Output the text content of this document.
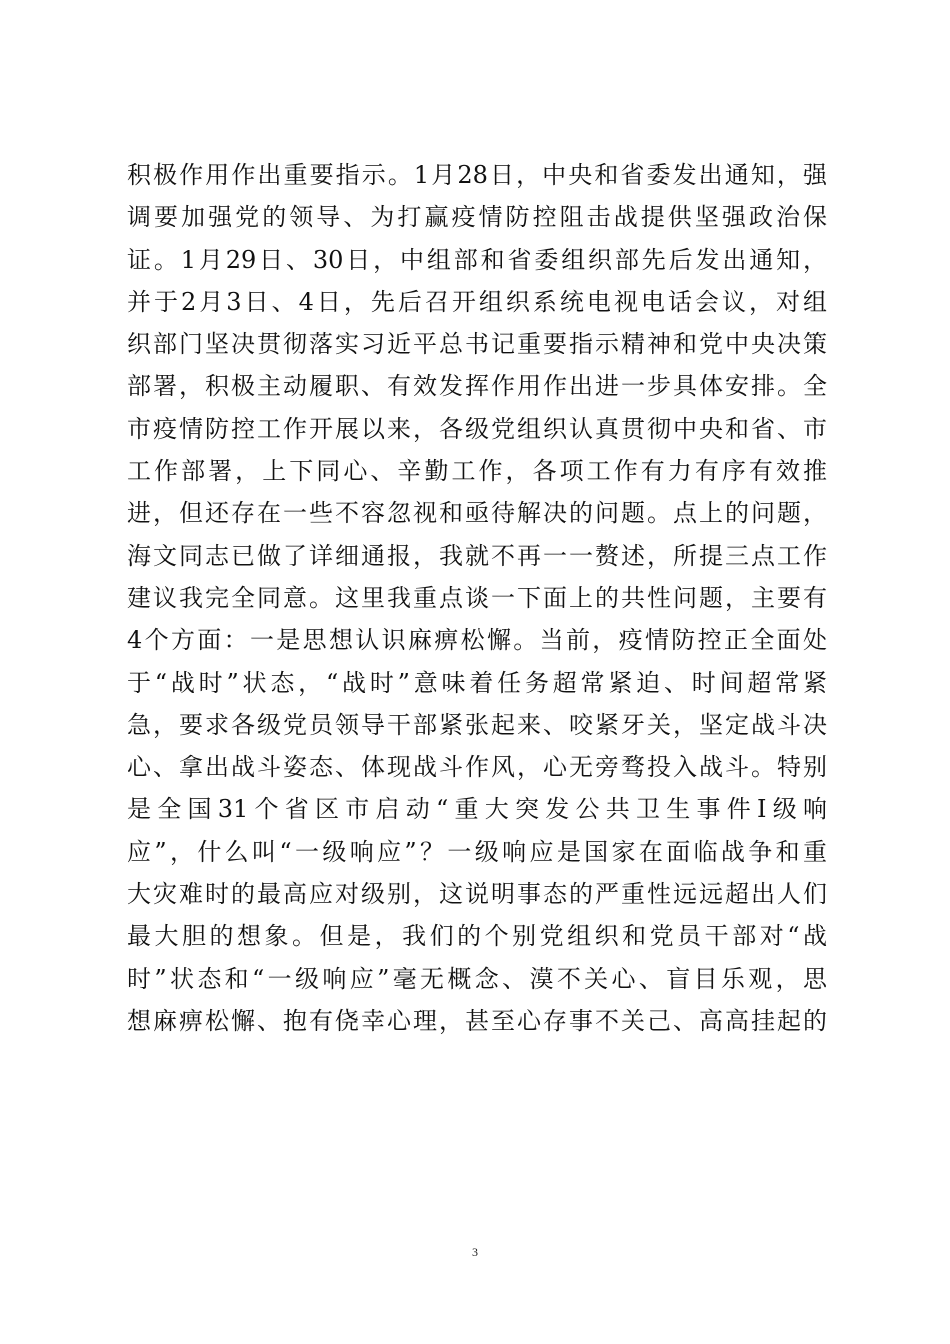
积极作用作出重要指示。1月28日，中央和省委发出通知，强
调要加强党的领导、为打赢疫情防控阻击战提供坚强政治保
证。1月29日、30日，中组部和省委组织部先后发出通知，
并于2月3日、4日，先后召开组织系统电视电话会议，对组
织部门坚决贯彻落实习近平总书记重要指示精神和党中央决策
部署，积极主动履职、有效发挥作用作出进一步具体安排。全
市疫情防控工作开展以来，各级党组织认真贯彻中央和省、市
工作部署，上下同心、辛勤工作，各项工作有力有序有效推
进，但还存在一些不容忽视和亟待解决的问题。点上的问题，
海文同志已做了详细通报，我就不再一一赘述，所提三点工作
建议我完全同意。这里我重点谈一下面上的共性问题，主要有
4个方面：一是思想认识麻痹松懈。当前，疫情防控正全面处
于“战时”状态，“战时”意味着任务超常紧迫、时间超常紧
急，要求各级党员领导干部紧张起来、咬紧牙关，坚定战斗决
心、拿出战斗姿态、体现战斗作风，心无旁骛投入战斗。特别
是全国31个省区市启动“重大突发公共卫生事件Ⅰ级响
应”，什么叫“一级响应”？一级响应是国家在面临战争和重
大灾难时的最高应对级别，这说明事态的严重性远远超出人们
最大胆的想象。但是，我们的个别党组织和党员干部对“战
时”状态和“一级响应”毫无概念、漠不关心、盲目乐观，思
想麻痹松懈、抱有侥幸心理，甚至心存事不关己、高高挂起的
3
